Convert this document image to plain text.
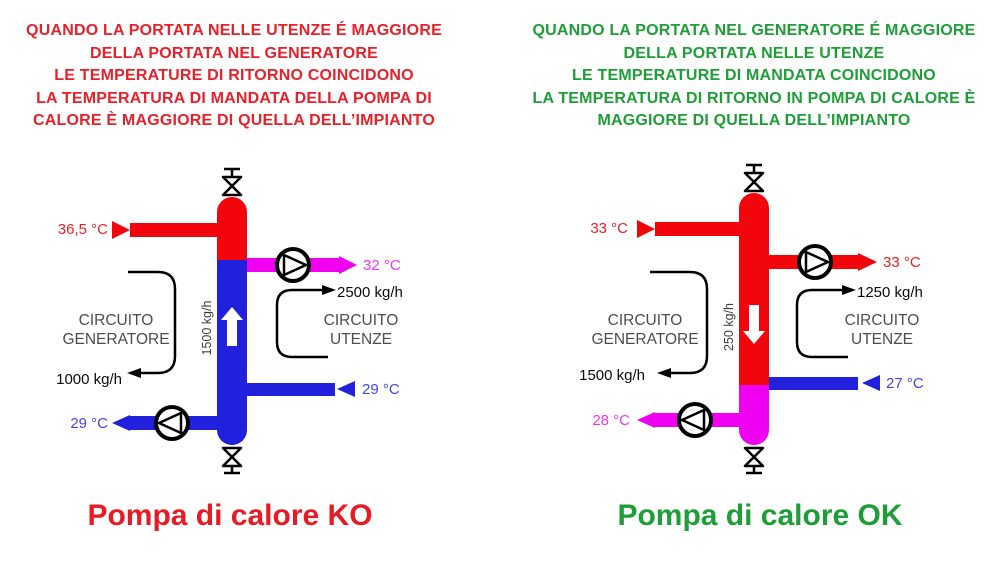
QUANDO LA PORTATA NELLE UTENZE É MAGGIORE
DELLA PORTATA NEL GENERATORE
LE TEMPERATURE DI RITORNO COINCIDONO
LA TEMPERATURA DI MANDATA DELLA POMPA DI
CALORE È MAGGIORE DI QUELLA DELL’IMPIANTO
QUANDO LA PORTATA NEL GENERATORE É MAGGIORE
DELLA PORTATA NELLE UTENZE
LE TEMPERATURE DI MANDATA COINCIDONO
LA TEMPERATURA DI RITORNO IN POMPA DI CALORE È
MAGGIORE DI QUELLA DELL’IMPIANTO
36,5 °C
32 °C
2500 kg/h
29 °C
1000 kg/h
29 °C
1500 kg/h
CIRCUITO
GENERATORE
CIRCUITO
UTENZE
33 °C
33 °C
1250 kg/h
27 °C
1500 kg/h
28 °C
250 kg/h
CIRCUITO
GENERATORE
CIRCUITO
UTENZE
Pompa di calore KO	Pompa di calore OK
